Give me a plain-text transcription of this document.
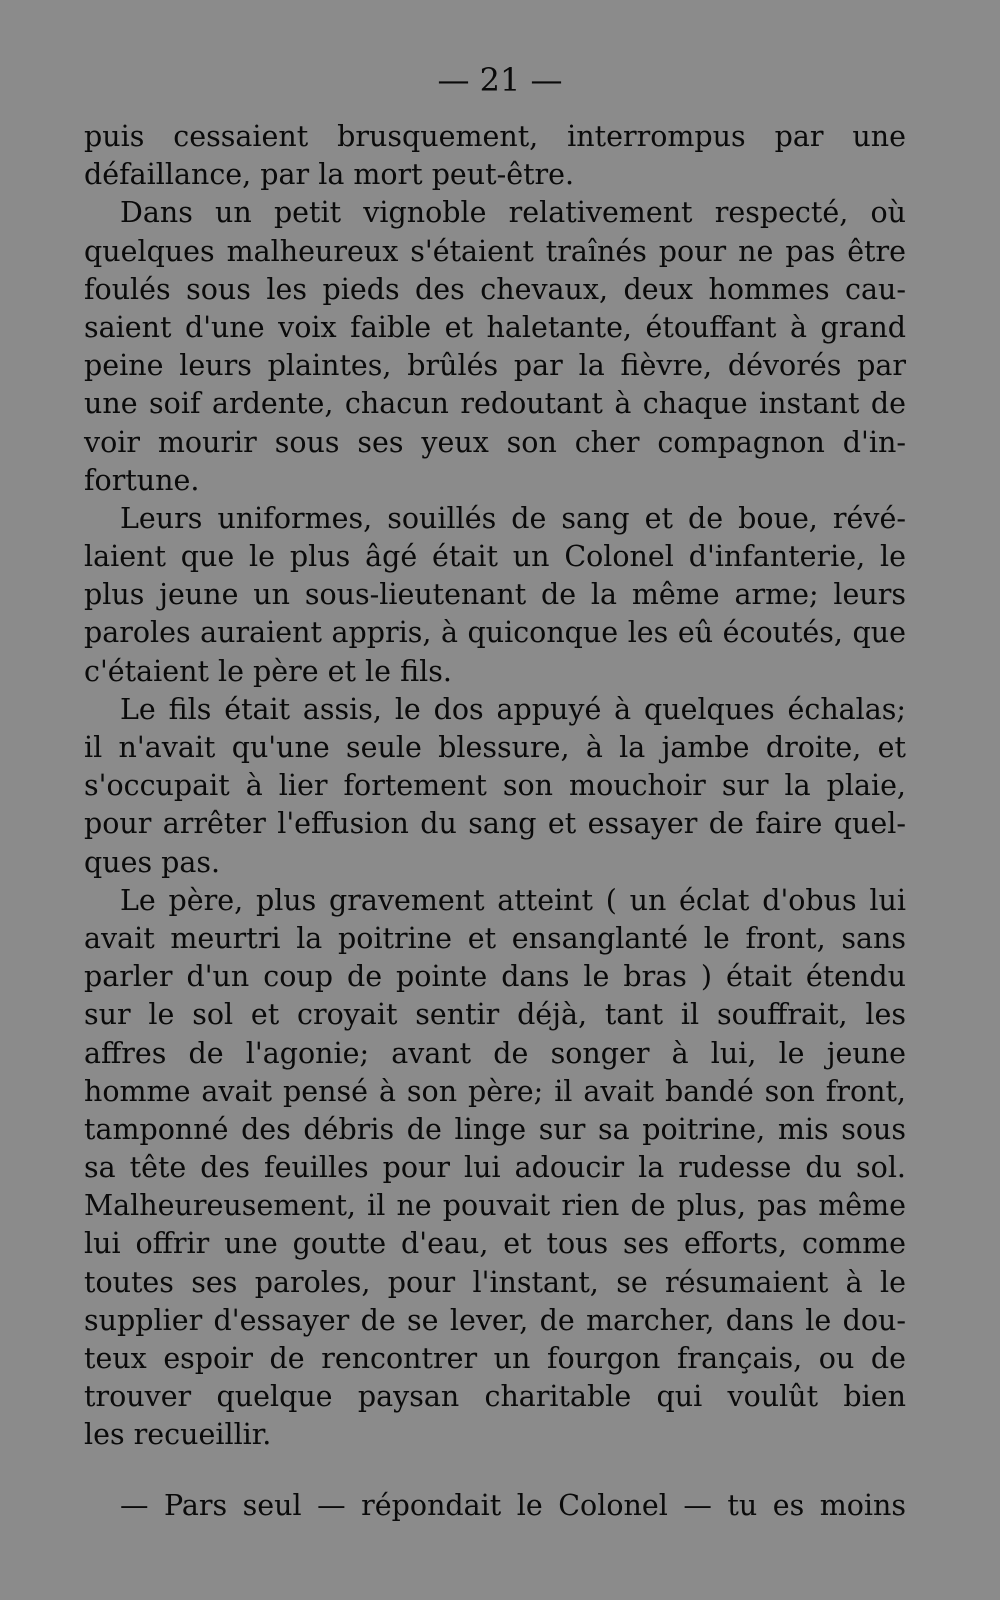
— 21 —
puis cessaient brusquement, interrompus par une
défaillance, par la mort peut-être.
Dans un petit vignoble relativement respecté, où
quelques malheureux s'étaient traînés pour ne pas être
foulés sous les pieds des chevaux, deux hommes cau-
saient d'une voix faible et haletante, étouffant à grand
peine leurs plaintes, brûlés par la fièvre, dévorés par
une soif ardente, chacun redoutant à chaque instant de
voir mourir sous ses yeux son cher compagnon d'in-
fortune.
Leurs uniformes, souillés de sang et de boue, révé-
laient que le plus âgé était un Colonel d'infanterie, le
plus jeune un sous-lieutenant de la même arme; leurs
paroles auraient appris, à quiconque les eû écoutés, que
c'étaient le père et le fils.
Le fils était assis, le dos appuyé à quelques échalas;
il n'avait qu'une seule blessure, à la jambe droite, et
s'occupait à lier fortement son mouchoir sur la plaie,
pour arrêter l'effusion du sang et essayer de faire quel-
ques pas.
Le père, plus gravement atteint ( un éclat d'obus lui
avait meurtri la poitrine et ensanglanté le front, sans
parler d'un coup de pointe dans le bras ) était étendu
sur le sol et croyait sentir déjà, tant il souffrait, les
affres de l'agonie; avant de songer à lui, le jeune
homme avait pensé à son père; il avait bandé son front,
tamponné des débris de linge sur sa poitrine, mis sous
sa tête des feuilles pour lui adoucir la rudesse du sol.
Malheureusement, il ne pouvait rien de plus, pas même
lui offrir une goutte d'eau, et tous ses efforts, comme
toutes ses paroles, pour l'instant, se résumaient à le
supplier d'essayer de se lever, de marcher, dans le dou-
teux espoir de rencontrer un fourgon français, ou de
trouver quelque paysan charitable qui voulût bien
les recueillir.
— Pars seul — répondait le Colonel — tu es moins
